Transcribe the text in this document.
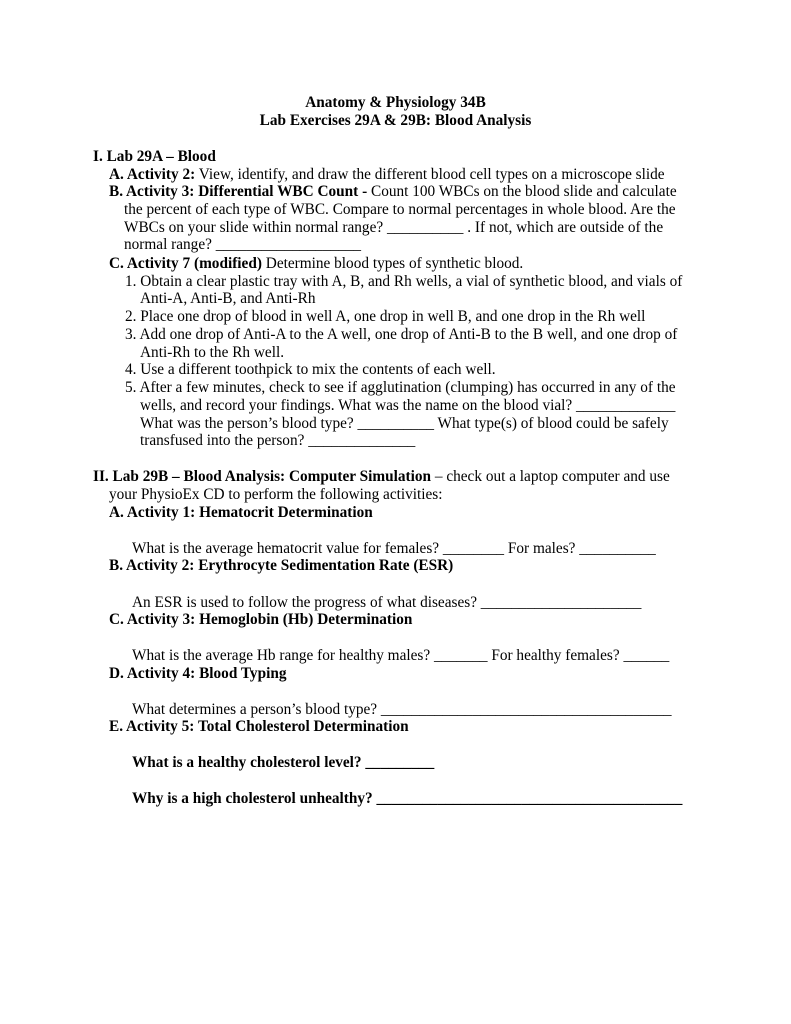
Anatomy & Physiology 34B
Lab Exercises 29A & 29B: Blood Analysis
I. Lab 29A – Blood
A. Activity 2: View, identify, and draw the different blood cell types on a microscope slide
B. Activity 3: Differential WBC Count - Count 100 WBCs on the blood slide and calculate
the percent of each type of WBC. Compare to normal percentages in whole blood. Are the
WBCs on your slide within normal range? __________ . If not, which are outside of the
normal range? ___________________
C. Activity 7 (modified) Determine blood types of synthetic blood.
1. Obtain a clear plastic tray with A, B, and Rh wells, a vial of synthetic blood, and vials of
Anti-A, Anti-B, and Anti-Rh
2. Place one drop of blood in well A, one drop in well B, and one drop in the Rh well
3. Add one drop of Anti-A to the A well, one drop of Anti-B to the B well, and one drop of
Anti-Rh to the Rh well.
4. Use a different toothpick to mix the contents of each well.
5. After a few minutes, check to see if agglutination (clumping) has occurred in any of the
wells, and record your findings. What was the name on the blood vial? _____________
What was the person’s blood type? __________ What type(s) of blood could be safely
transfused into the person? ______________
II. Lab 29B – Blood Analysis: Computer Simulation – check out a laptop computer and use
your PhysioEx CD to perform the following activities:
A. Activity 1: Hematocrit Determination
What is the average hematocrit value for females? ________ For males? __________
B. Activity 2: Erythrocyte Sedimentation Rate (ESR)
An ESR is used to follow the progress of what diseases? _____________________
C. Activity 3: Hemoglobin (Hb) Determination
What is the average Hb range for healthy males? _______ For healthy females? ______
D. Activity 4: Blood Typing
What determines a person’s blood type? ______________________________________
E. Activity 5: Total Cholesterol Determination
What is a healthy cholesterol level? _________
Why is a high cholesterol unhealthy? ________________________________________
